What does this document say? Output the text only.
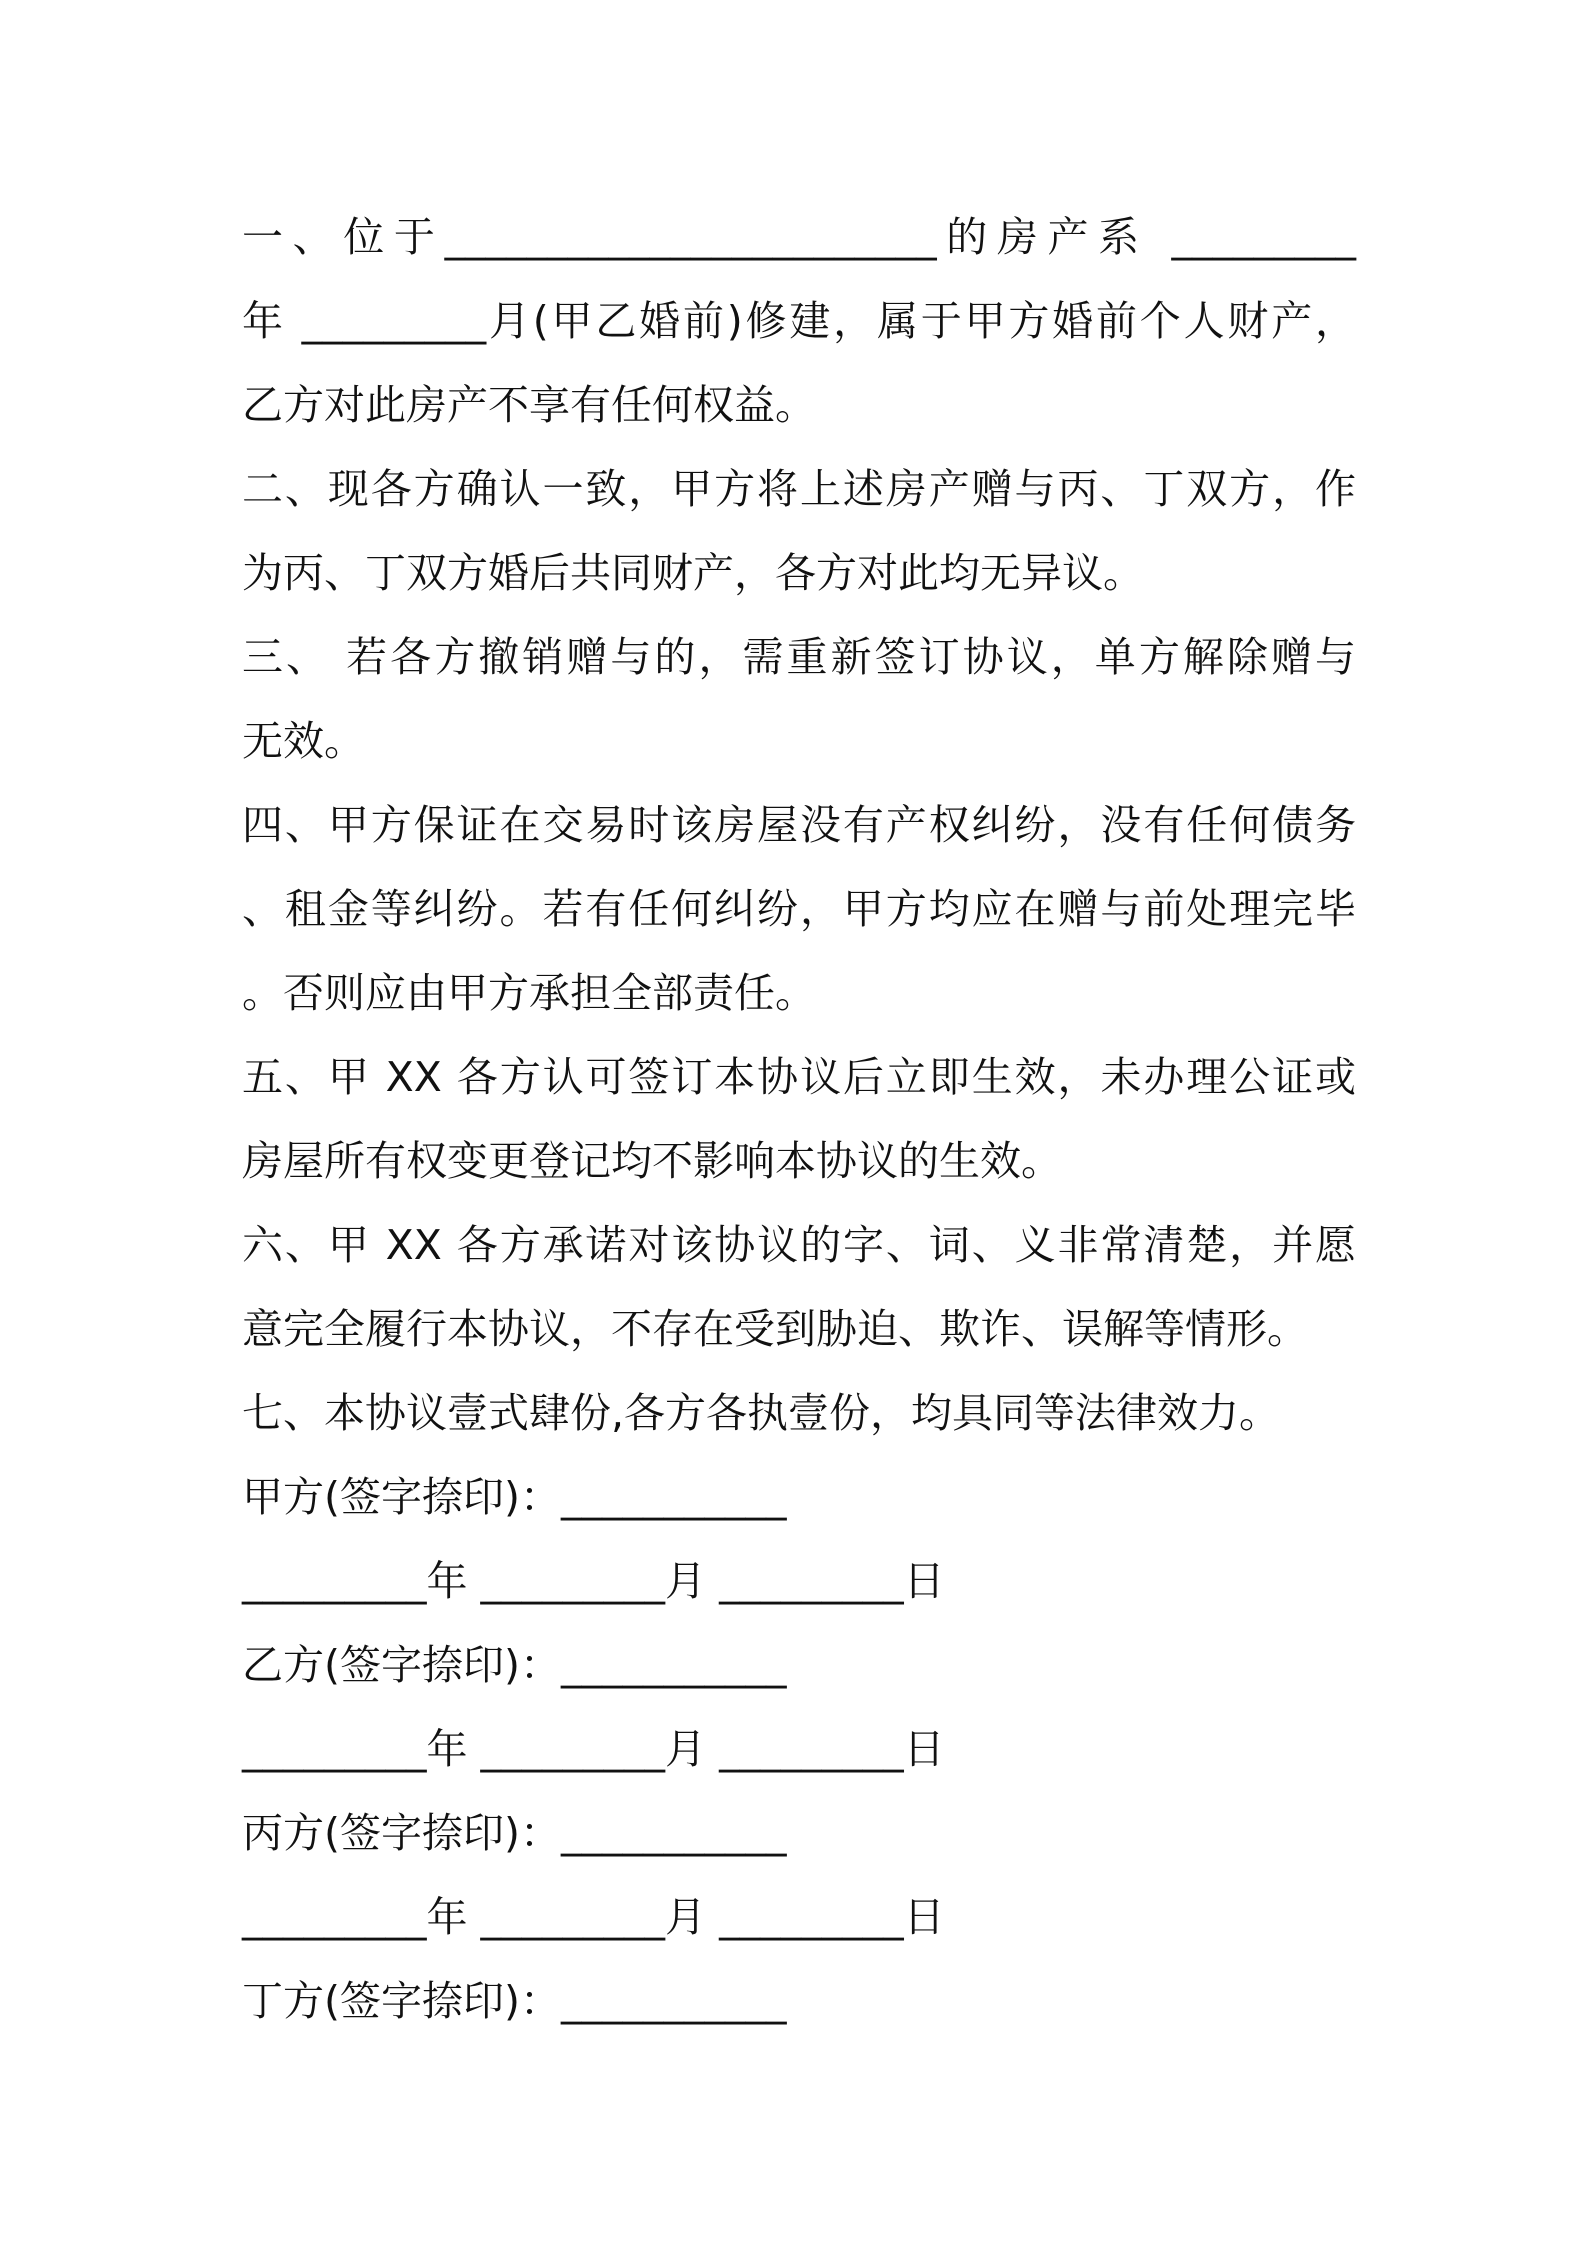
一、位于________________________的房产系 _________
年 _________月(甲乙婚前)修建，属于甲方婚前个人财产，
乙方对此房产不享有任何权益。
二、现各方确认一致，甲方将上述房产赠与丙、丁双方，作
为丙、丁双方婚后共同财产，各方对此均无异议。
三、 若各方撤销赠与的，需重新签订协议，单方解除赠与
无效。
四、甲方保证在交易时该房屋没有产权纠纷，没有任何债务
、租金等纠纷。若有任何纠纷，甲方均应在赠与前处理完毕
。否则应由甲方承担全部责任。
五、甲 XX 各方认可签订本协议后立即生效，未办理公证或
房屋所有权变更登记均不影响本协议的生效。
六、甲 XX 各方承诺对该协议的字、词、义非常清楚，并愿
意完全履行本协议，不存在受到胁迫、欺诈、误解等情形。
七、本协议壹式肆份,各方各执壹份，均具同等法律效力。
甲方(签字捺印)：___________
_________年 _________月 _________日
乙方(签字捺印)：___________
_________年 _________月 _________日
丙方(签字捺印)：___________
_________年 _________月 _________日
丁方(签字捺印)：___________
